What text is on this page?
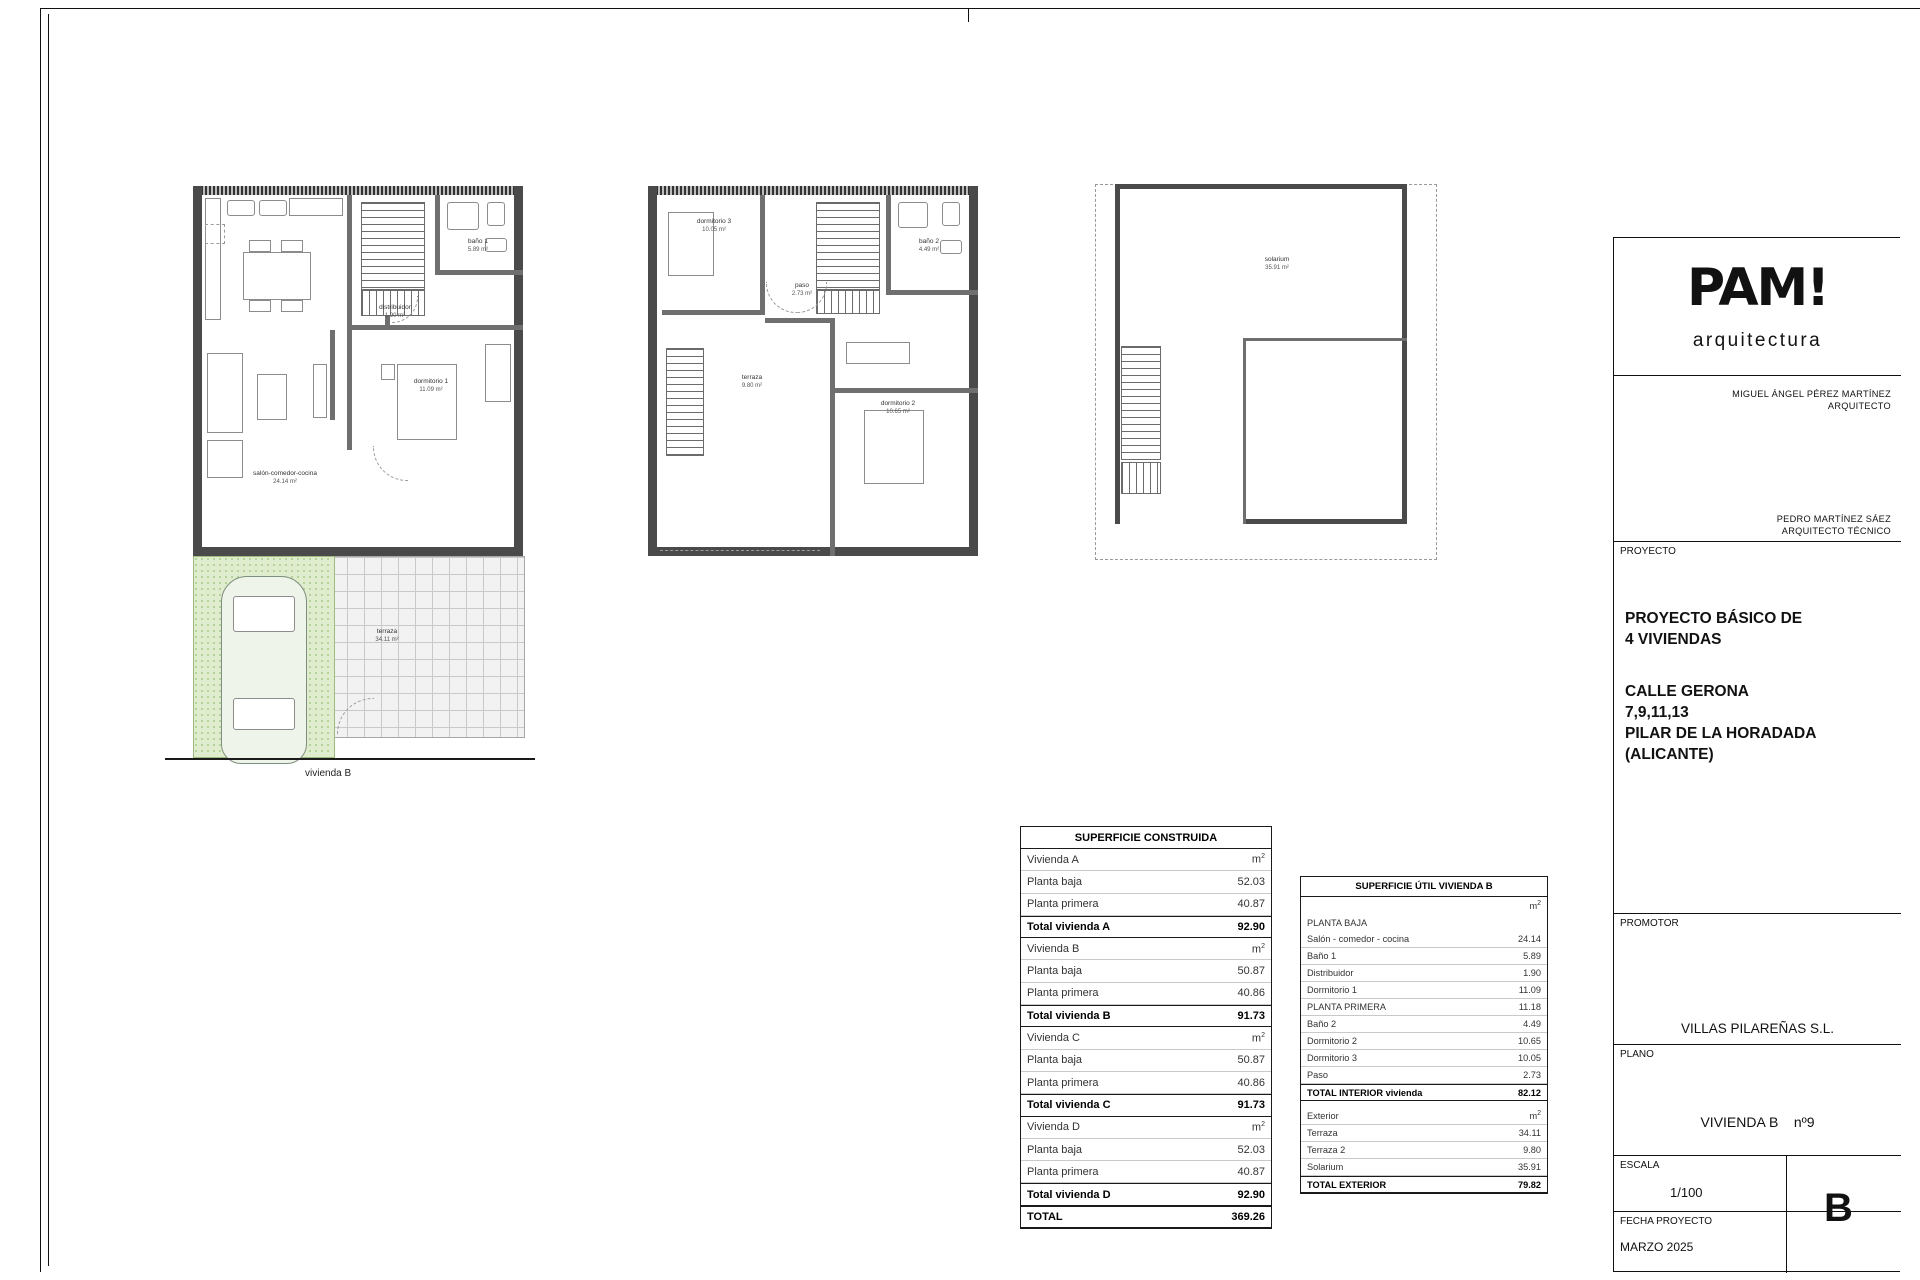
salón-comedor-cocina
24.14 m²
distribuidor
1.90 m²
baño 1
5.89 m²
dormitorio 1
11.09 m²
terraza
34.11 m²
vivienda B
dormitorio 3
10.05 m²
baño 2
4.49 m²
paso
2.73 m²
terraza
9.80 m²
dormitorio 2
10.65 m²
solarium
35.91 m²
SUPERFICIE CONSTRUIDA
Vivienda A	$m^2$
Planta baja	52.03
Planta primera	40.87
Total vivienda A	92.90
Vivienda B	$m^2$
Planta baja	50.87
Planta primera	40.86
Total vivienda B	91.73
Vivienda C	$m^2$
Planta baja	50.87
Planta primera	40.86
Total vivienda C	91.73
Vivienda D	$m^2$
Planta baja	52.03
Planta primera	40.87
Total vivienda D	92.90
TOTAL	369.26
SUPERFICIE ÚTIL VIVIENDA B
$m^2$
PLANTA BAJA
Salón - comedor - cocina	24.14
Baño 1	5.89
Distribuidor	1.90
Dormitorio 1	11.09
PLANTA PRIMERA	11.18
Baño 2	4.49
Dormitorio 2	10.65
Dormitorio 3	10.05
Paso	2.73
TOTAL INTERIOR vivienda	82.12
Exterior	$m^2$
Terraza	34.11
Terraza 2	9.80
Solarium	35.91
TOTAL EXTERIOR	79.82
PAM!
arquitectura
MIGUEL ÁNGEL PÉREZ MARTÍNEZ
ARQUITECTO
PEDRO MARTÍNEZ SÁEZ
ARQUITECTO TÉCNICO
PROYECTO
PROYECTO BÁSICO DE
4 VIVIENDAS
CALLE GERONA
7,9,11,13
PILAR DE LA HORADADA
(ALICANTE)
PROMOTOR
VILLAS PILAREÑAS S.L.
PLANO
VIVIENDA B nº9
ESCALA
1/100	B
FECHA PROYECTO
MARZO 2025
